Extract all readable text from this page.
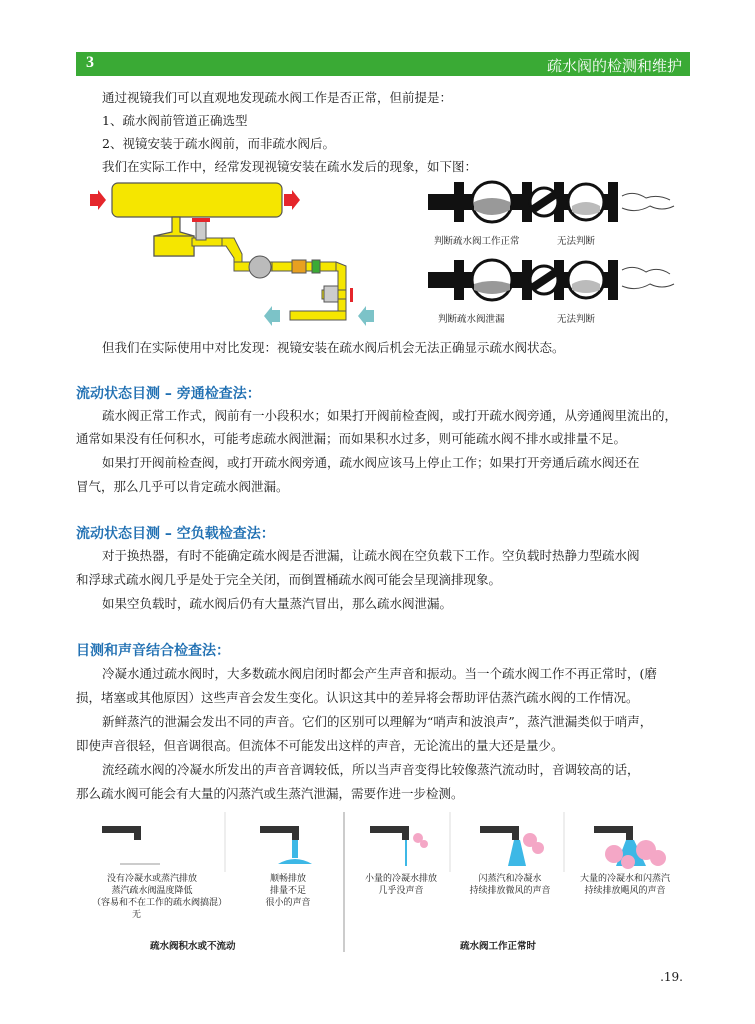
3	疏水阀的检测和维护
通过视镜我们可以直观地发现疏水阀工作是否正常，但前提是：
1、疏水阀前管道正确选型
2、视镜安装于疏水阀前，而非疏水阀后。
我们在实际工作中，经常发现视镜安装在疏水发后的现象，如下图：
判断疏水阀工作正常	无法判断
判断疏水阀泄漏	无法判断
但我们在实际使用中对比发现：视镜安装在疏水阀后机会无法正确显示疏水阀状态。
流动状态目测 – 旁通检查法：
疏水阀正常工作式，阀前有一小段积水；如果打开阀前检查阀，或打开疏水阀旁通，从旁通阀里流出的，
通常如果没有任何积水，可能考虑疏水阀泄漏；而如果积水过多，则可能疏水阀不排水或排量不足。
如果打开阀前检查阀，或打开疏水阀旁通，疏水阀应该马上停止工作；如果打开旁通后疏水阀还在
冒气，那么几乎可以肯定疏水阀泄漏。
流动状态目测 – 空负载检查法：
对于换热器，有时不能确定疏水阀是否泄漏，让疏水阀在空负载下工作。空负载时热静力型疏水阀
和浮球式疏水阀几乎是处于完全关闭，而倒置桶疏水阀可能会呈现滴排现象。
如果空负载时，疏水阀后仍有大量蒸汽冒出，那么疏水阀泄漏。
目测和声音结合检查法：
冷凝水通过疏水阀时，大多数疏水阀启闭时都会产生声音和振动。当一个疏水阀工作不再正常时，(磨
损，堵塞或其他原因）这些声音会发生变化。认识这其中的差异将会帮助评估蒸汽疏水阀的工作情况。
新鲜蒸汽的泄漏会发出不同的声音。它们的区别可以理解为“哨声和波浪声”，蒸汽泄漏类似于哨声，
即使声音很轻，但音调很高。但流体不可能发出这样的声音，无论流出的量大还是量少。
流经疏水阀的冷凝水所发出的声音音调较低，所以当声音变得比较像蒸汽流动时，音调较高的话，
那么疏水阀可能会有大量的闪蒸汽或生蒸汽泄漏，需要作进一步检测。
没有冷凝水或蒸汽排放
蒸汽疏水阀温度降低
（容易和不在工作的疏水阀搞混）
无
顺畅排放
排量不足
很小的声音
小量的冷凝水排放
几乎没声音
闪蒸汽和冷凝水
持续排放微风的声音
大量的冷凝水和闪蒸汽
持续排放飓风的声音
疏水阀积水或不流动	疏水阀工作正常时
.19.
